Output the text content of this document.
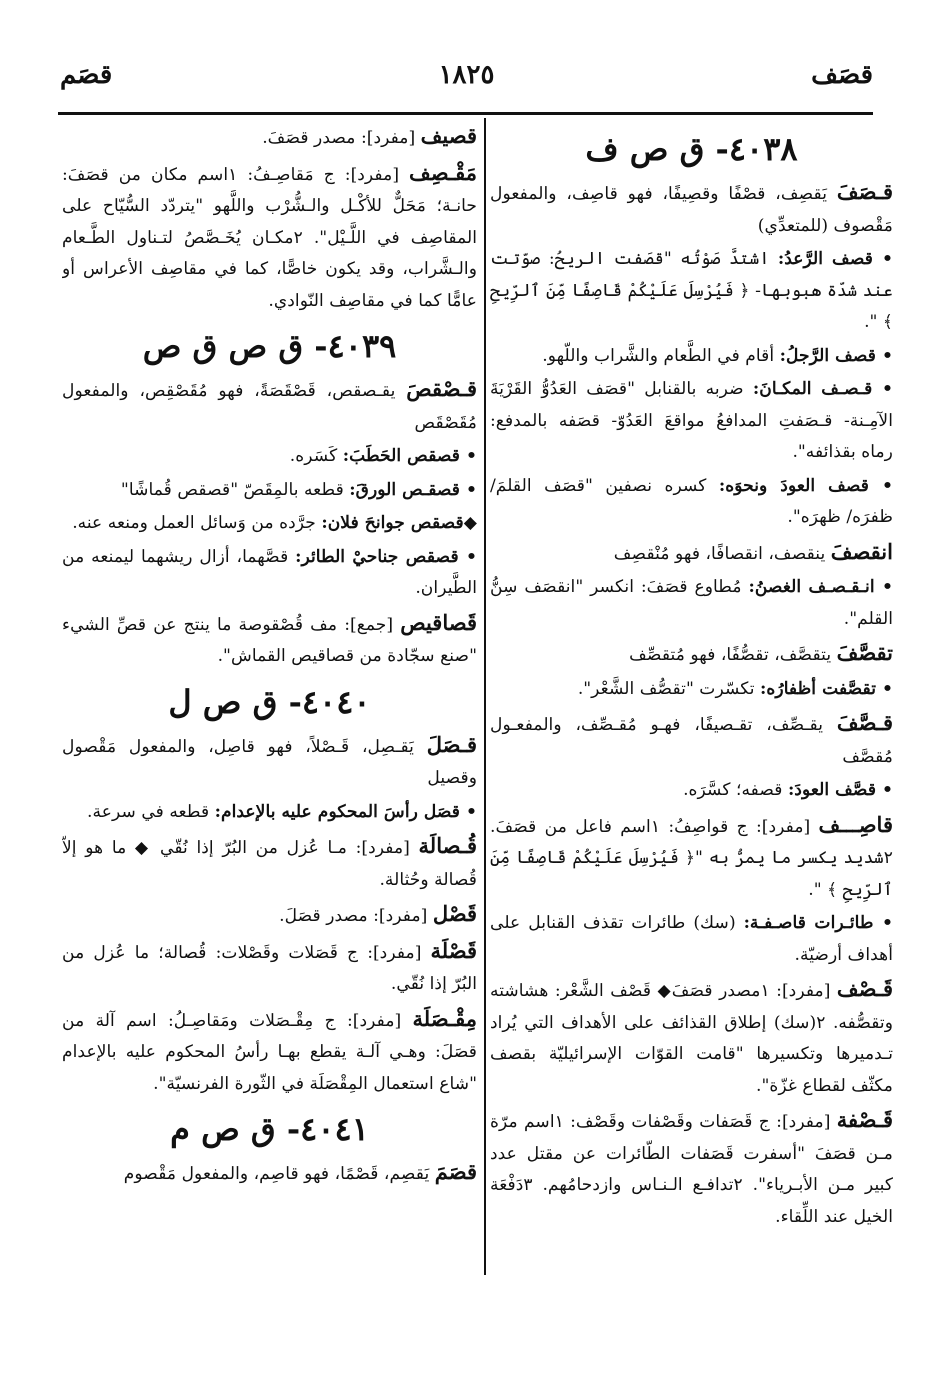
قصَف
١٨٢٥
قصَم
٤٠٣٨- ق ص ف

قـصَفَ يَقصِف، قصْفًا وقصِيفًا، فهو قاصِف، والمفعول مَقْصوف (للمتعدِّي)

• قصف الرَّعدُ: اشتدَّ صَوْتُه "قصَفت الريحُ: صوّتت عند شدّة هبوبها- ﴿ فَيُرْسِلَ عَلَيْكُمْ قَاصِفًا مِّنَ ٱلرِّيحِ ﴾ ".

• قصف الرَّجلُ: أقام في الطَّعام والشَّراب واللّهو.

• قـصـف المكـانَ: ضربه بالقنابل "قصَف العَدُوُّ القَرْيَةَ الآمِـنة- قـصَفتِ المدافعُ مواقعَ العَدُوّ- قصَفه بالمدفع: رماه بقذائفه".

• قصف العودَ ونحوَه: كسره نصفين "قصَف القلمَ/ ظفرَه/ ظهرَه".

انقصفَ ينقصف، انقصافًا، فهو مُنْقصِف

• انـقـصـف الغصنُ: مُطاوع قصَفَ: انكسر "انقصَف سِنُّ القلم".

تقصَّفَ يتقصَّف، تقصُّفًا، فهو مُتقصِّف

• تقصَّفت أظفارُه: تكسّرت "تقصُّف الشَّعْر".

قـصَّفَ يقـصِّف، تقـصيفًا، فهـو مُقـصِّف، والمفعـول مُقصَّف

• قصَّف العودَ: قصفه؛ كسَّرَه.

قاصِـــف [مفرد]: ج قواصِفُ: ١اسم فاعل من قصَفَ. ٢شديد يكسر ما يمرُّ به "﴿ فَيُرْسِلَ عَلَيْكُمْ قَاصِفًا مِّنَ ٱلرِّيحِ ﴾ ".

• طائـرات قاصـفـة: (سك) طائرات تقذف القنابل على أهداف أرضيّة.

قَـصْف [مفرد]: ١مصدر قصَفَ◆ قَصْف الشَّعْر: هشاشته وتقصُّفه. ٢(سك) إطلاق القذائف على الأهداف التي يُراد تـدميرها وتكسيرها "قامت القوّات الإسرائيليّة بقصف مكثّف لقطاع غزّة".

قَـصْفة [مفرد]: ج قَصَفات وقَصْفات وقَصْف: ١اسم مرّة مـن قصَفَ "أسفرت قَصَفات الطّائرات عن مقتل عدد كبير مـن الأبـرياء". ٢تدافـع الـنـاس وازدحامُهم. ٣دَفْعَة الخيل عند اللِّقاء.

قصيف [مفرد]: مصدر قصَفَ.

مَقْـصِف [مفرد]: ج مَقاصِـفُ: ١اسم مكان من قصَفَ: حانـة؛ مَحَلٌّ للأكْـل والـشُّرْب واللَّهو "يتردّد السُّيّاح على المقاصِف في اللَّـيْل". ٢مكـان يُخَـصَّصُ لتـناول الطَّـعام والـشَّراب، وقد يكون خاصًّا، كما في مقاصِف الأعراس أو عامًّا كما في مقاصِف النّوادي.

٤٠٣٩- ق ص ق ص

قـصْقصَ يقـصقص، قَصْقَصَةً، فهو مُقَصْقِص، والمفعول مُقَصْقَص

• قصقص الحَطَبَ: كَسَره.

• قصقـص الورقَ: قطعه بالمِقَصّ "قصقص قُماشًا"

◆قصقص جوانحَ فلان: جرَّده من وَسائل العمل ومنعه عنه.

• قصقص جناحيْ الطائر: قصَّهما، أزال ريشهما ليمنعه من الطَّيران.

قَصاقيص [جمع]: مف قُصْقوصة ما ينتج عن قصِّ الشيء "صنع سجّادة من قصاقيص القماش".

٤٠٤٠- ق ص ل

قـصَلَ يَقـصِل، قَـصْلاً، فهو قاصِل، والمفعول مَقْصول وقصيل

• قصَل رأسَ المحكوم عليه بالإعدام: قطعه في سرعة.

قُـصالَة [مفرد]: مـا عُزل من البُرّ إذا نُقّي ◆ ما هو إلاّ قُصالة وحُثالة.

قَصْل [مفرد]: مصدر قصَلَ.

قَصْلَة [مفرد]: ج قَصَلات وقَصْلات: قُصالة؛ ما عُزل من البُرّ إذا نُقّي.

مِقْـصَلَة [مفرد]: ج مِقْـصَلات ومَقاصِـلُ: اسم آلة من قصَلَ: وهـي آلـة يقطع بهـا رأسُ المحكوم عليه بالإعدام "شاع استعمال المِقْصَلَة في الثّورة الفرنسيّة".

٤٠٤١- ق ص م

قصَمَ يَقصِم، قَصْمًا، فهو قاصِم، والمفعول مَقْصوم
